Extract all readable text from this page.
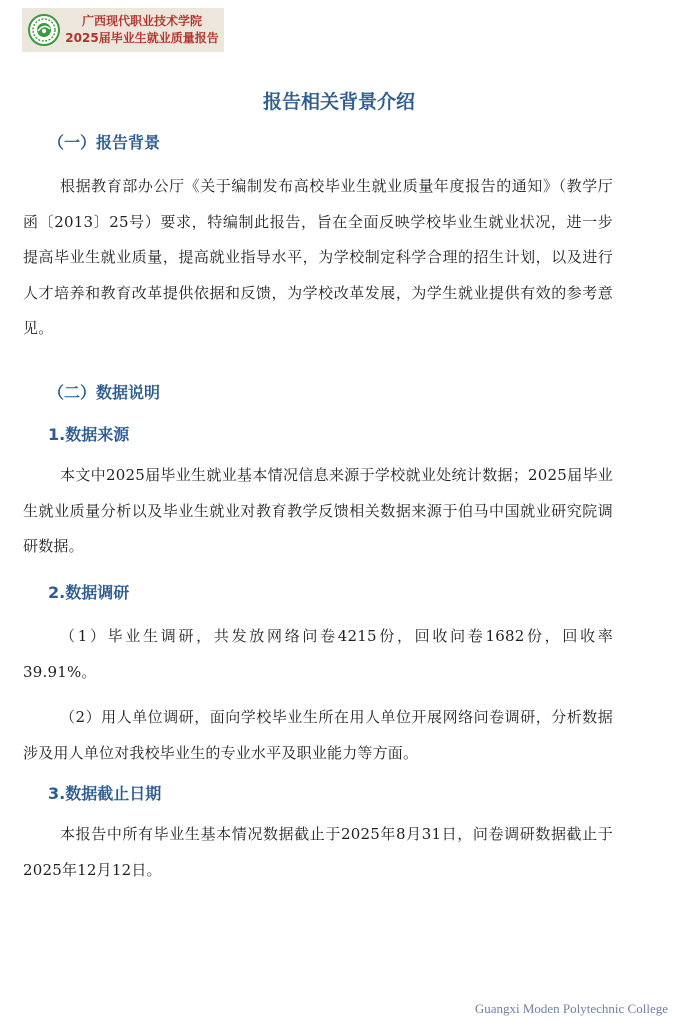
广西现代职业技术学院
2025届毕业生就业质量报告
报告相关背景介绍
（一）报告背景

根据教育部办公厅《关于编制发布高校毕业生就业质量年度报告的通知》（教学厅函〔2013〕25号）要求，特编制此报告，旨在全面反映学校毕业生就业状况，进一步提高毕业生就业质量，提高就业指导水平，为学校制定科学合理的招生计划，以及进行人才培养和教育改革提供依据和反馈，为学校改革发展，为学生就业提供有效的参考意见。

（二）数据说明
1.数据来源

本文中2025届毕业生就业基本情况信息来源于学校就业处统计数据；2025届毕业生就业质量分析以及毕业生就业对教育教学反馈相关数据来源于伯马中国就业研究院调研数据。

2.数据调研

（1）毕业生调研，共发放网络问卷4215份，回收问卷1682份，回收率39.91%。

（2）用人单位调研，面向学校毕业生所在用人单位开展网络问卷调研，分析数据涉及用人单位对我校毕业生的专业水平及职业能力等方面。

3.数据截止日期

本报告中所有毕业生基本情况数据截止于2025年8月31日，问卷调研数据截止于2025年12月12日。

Guangxi Moden Polytechnic College
